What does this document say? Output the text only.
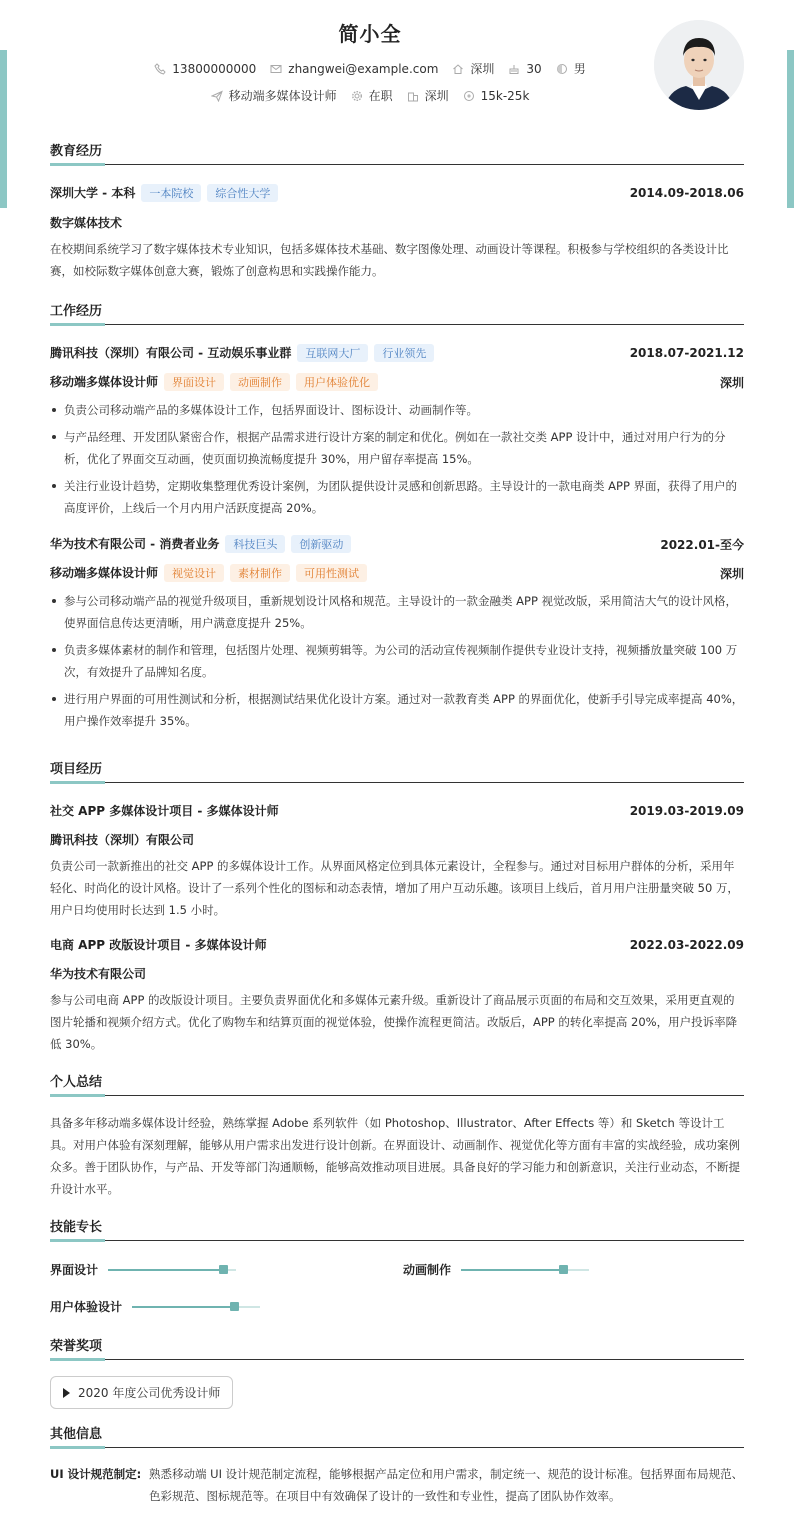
简小全
13800000000	zhangwei@example.com	深圳	30	男
移动端多媒体设计师	在职	深圳	15k-25k
教育经历
深圳大学 - 本科 一本院校 综合性大学	2014.09-2018.06
数字媒体技术
在校期间系统学习了数字媒体技术专业知识，包括多媒体技术基础、数字图像处理、动画设计等课程。积极参与学校组织的各类设计比赛，如校际数字媒体创意大赛，锻炼了创意构思和实践操作能力。
工作经历
腾讯科技（深圳）有限公司 - 互动娱乐事业群 互联网大厂 行业领先	2018.07-2021.12
移动端多媒体设计师 界面设计 动画制作 用户体验优化	深圳
负责公司移动端产品的多媒体设计工作，包括界面设计、图标设计、动画制作等。
与产品经理、开发团队紧密合作，根据产品需求进行设计方案的制定和优化。例如在一款社交类 APP 设计中，通过对用户行为的分析，优化了界面交互动画，使页面切换流畅度提升 30%，用户留存率提高 15%。
关注行业设计趋势，定期收集整理优秀设计案例，为团队提供设计灵感和创新思路。主导设计的一款电商类 APP 界面，获得了用户的高度评价，上线后一个月内用户活跃度提高 20%。
华为技术有限公司 - 消费者业务 科技巨头 创新驱动	2022.01-至今
移动端多媒体设计师 视觉设计 素材制作 可用性测试	深圳
参与公司移动端产品的视觉升级项目，重新规划设计风格和规范。主导设计的一款金融类 APP 视觉改版，采用简洁大气的设计风格，使界面信息传达更清晰，用户满意度提升 25%。
负责多媒体素材的制作和管理，包括图片处理、视频剪辑等。为公司的活动宣传视频制作提供专业设计支持，视频播放量突破 100 万次，有效提升了品牌知名度。
进行用户界面的可用性测试和分析，根据测试结果优化设计方案。通过对一款教育类 APP 的界面优化，使新手引导完成率提高 40%，用户操作效率提升 35%。
项目经历
社交 APP 多媒体设计项目 - 多媒体设计师	2019.03-2019.09
腾讯科技（深圳）有限公司
负责公司一款新推出的社交 APP 的多媒体设计工作。从界面风格定位到具体元素设计，全程参与。通过对目标用户群体的分析，采用年轻化、时尚化的设计风格。设计了一系列个性化的图标和动态表情，增加了用户互动乐趣。该项目上线后，首月用户注册量突破 50 万，用户日均使用时长达到 1.5 小时。
电商 APP 改版设计项目 - 多媒体设计师	2022.03-2022.09
华为技术有限公司
参与公司电商 APP 的改版设计项目。主要负责界面优化和多媒体元素升级。重新设计了商品展示页面的布局和交互效果，采用更直观的图片轮播和视频介绍方式。优化了购物车和结算页面的视觉体验，使操作流程更简洁。改版后，APP 的转化率提高 20%，用户投诉率降低 30%。
个人总结
具备多年移动端多媒体设计经验，熟练掌握 Adobe 系列软件（如 Photoshop、Illustrator、After Effects 等）和 Sketch 等设计工具。对用户体验有深刻理解，能够从用户需求出发进行设计创新。在界面设计、动画制作、视觉优化等方面有丰富的实战经验，成功案例众多。善于团队协作，与产品、开发等部门沟通顺畅，能够高效推动项目进展。具备良好的学习能力和创新意识，关注行业动态，不断提升设计水平。
技能专长
界面设计	动画制作
用户体验设计
荣誉奖项
2020 年度公司优秀设计师
其他信息
UI 设计规范制定: 熟悉移动端 UI 设计规范制定流程，能够根据产品定位和用户需求，制定统一、规范的设计标准。包括界面布局规范、色彩规范、图标规范等。在项目中有效确保了设计的一致性和专业性，提高了团队协作效率。
